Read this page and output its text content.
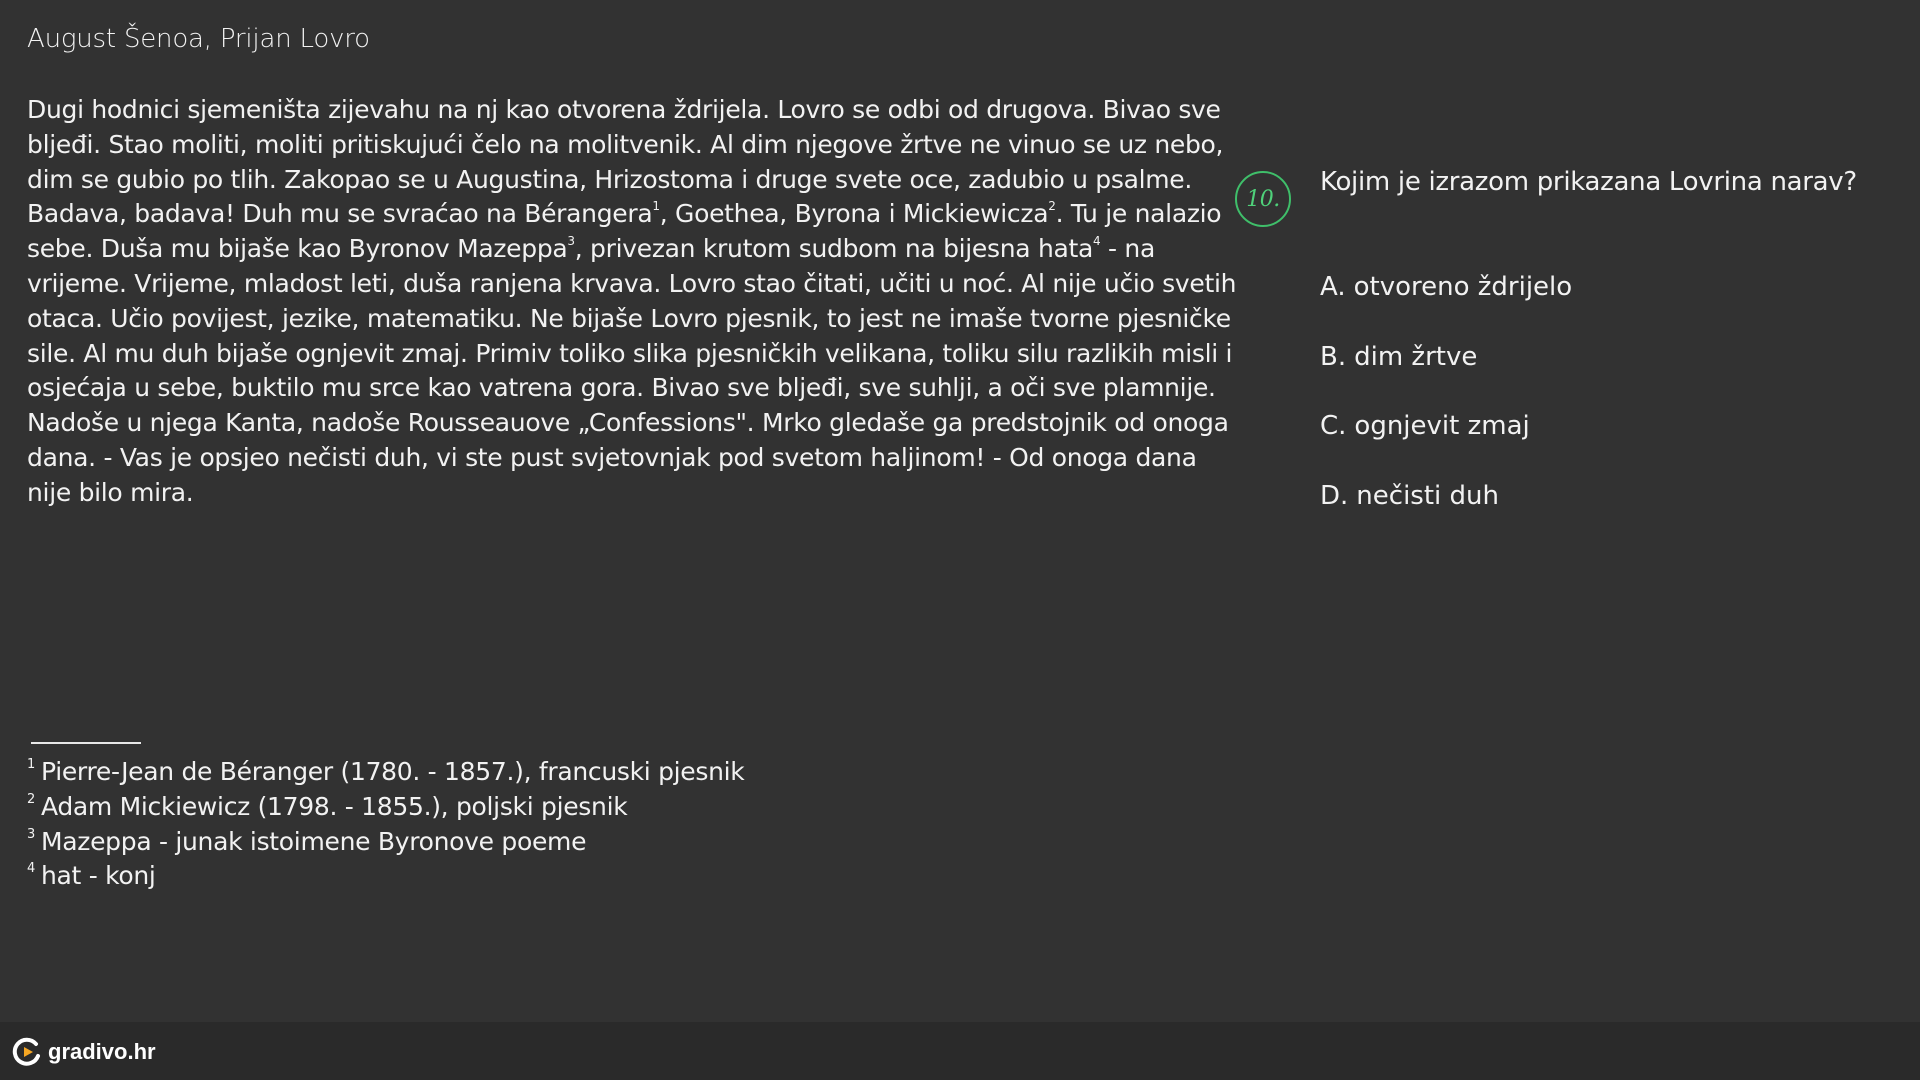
August Šenoa, Prijan Lovro
Dugi hodnici sjemeništa zijevahu na nj kao otvorena ždrijela. Lovro se odbi od drugova. Bivao sve
bljeđi. Stao moliti, moliti pritiskujući čelo na molitvenik. Al dim njegove žrtve ne vinuo se uz nebo,
dim se gubio po tlih. Zakopao se u Augustina, Hrizostoma i druge svete oce, zadubio u psalme.
Badava, badava! Duh mu se svraćao na Bérangera$^1$, Goethea, Byrona i Mickiewicza$^2$. Tu je nalazio
sebe. Duša mu bijaše kao Byronov Mazeppa$^3$, privezan krutom sudbom na bijesna hata$^4$ - na
vrijeme. Vrijeme, mladost leti, duša ranjena krvava. Lovro stao čitati, učiti u noć. Al nije učio svetih
otaca. Učio povijest, jezike, matematiku. Ne bijaše Lovro pjesnik, to jest ne imaše tvorne pjesničke
sile. Al mu duh bijaše ognjevit zmaj. Primiv toliko slika pjesničkih velikana, toliku silu razlikih misli i
osjećaja u sebe, buktilo mu srce kao vatrena gora. Bivao sve bljeđi, sve suhlji, a oči sve plamnije.
Nadoše u njega Kanta, nadoše Rousseauove „Confessions". Mrko gledaše ga predstojnik od onoga
dana. - Vas je opsjeo nečisti duh, vi ste pust svjetovnjak pod svetom haljinom! - Od onoga dana
nije bilo mira.
$^1$ Pierre-Jean de Béranger (1780. - 1857.), francuski pjesnik
$^2$ Adam Mickiewicz (1798. - 1855.), poljski pjesnik
$^3$ Mazeppa - junak istoimene Byronove poeme
$^4$ hat - konj
10.
Kojim je izrazom prikazana Lovrina narav?
A. otvoreno ždrijelo
B. dim žrtve
C. ognjevit zmaj
D. nečisti duh
gradivo.hr
